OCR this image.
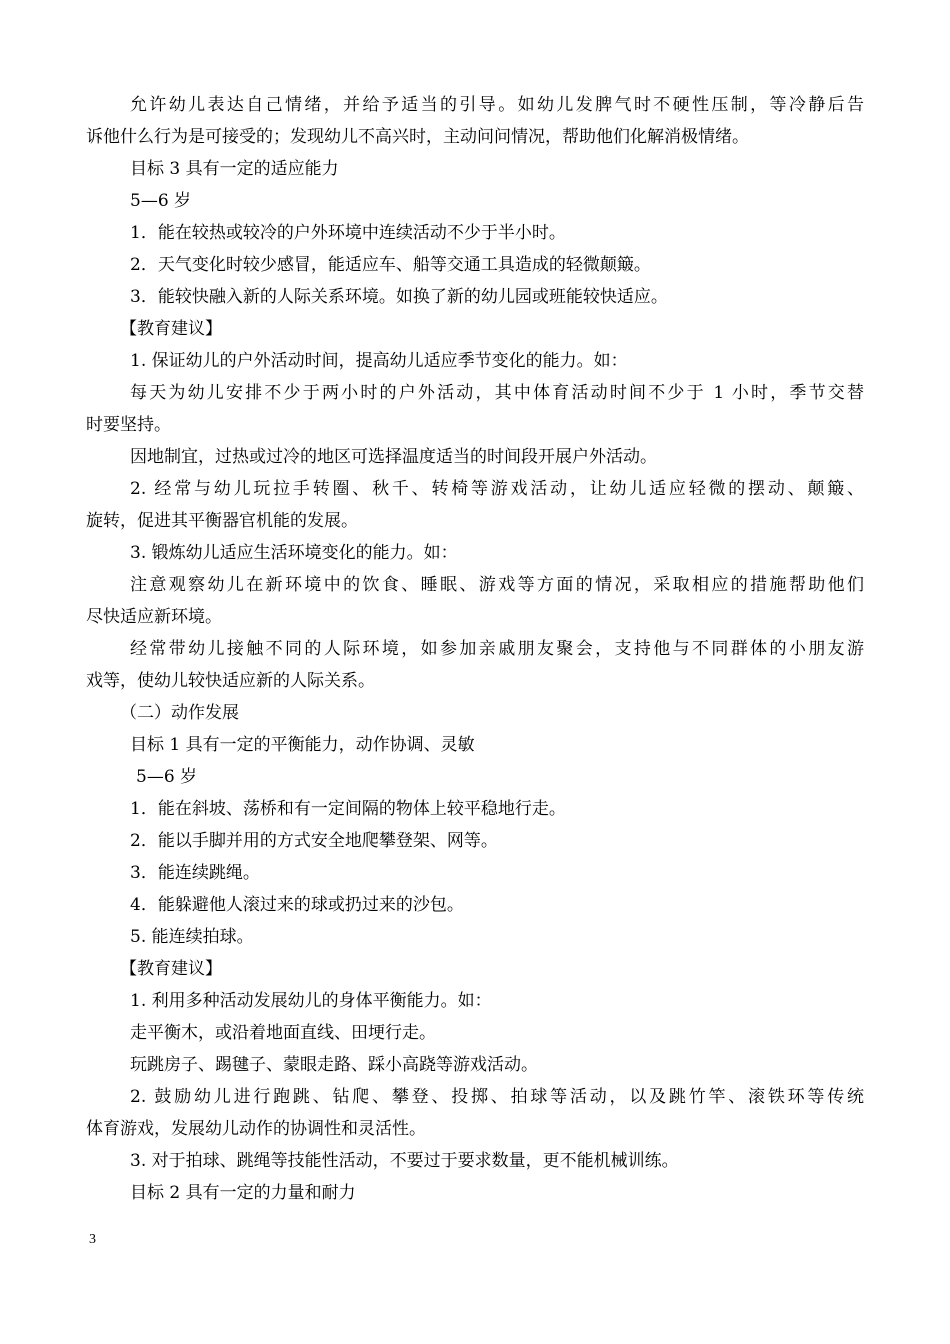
允许幼儿表达自己情绪，并给予适当的引导。如幼儿发脾气时不硬性压制，等冷静后告
诉他什么行为是可接受的；发现幼儿不高兴时，主动问问情况，帮助他们化解消极情绪。
目标 3 具有一定的适应能力
5—6 岁
1．能在较热或较冷的户外环境中连续活动不少于半小时。
2．天气变化时较少感冒，能适应车、船等交通工具造成的轻微颠簸。
3．能较快融入新的人际关系环境。如换了新的幼儿园或班能较快适应。
【教育建议】
1. 保证幼儿的户外活动时间，提高幼儿适应季节变化的能力。如：
每天为幼儿安排不少于两小时的户外活动，其中体育活动时间不少于 1 小时，季节交替
时要坚持。
因地制宜，过热或过冷的地区可选择温度适当的时间段开展户外活动。
2. 经常与幼儿玩拉手转圈、秋千、转椅等游戏活动，让幼儿适应轻微的摆动、颠簸、
旋转，促进其平衡器官机能的发展。
3. 锻炼幼儿适应生活环境变化的能力。如：
注意观察幼儿在新环境中的饮食、睡眠、游戏等方面的情况，采取相应的措施帮助他们
尽快适应新环境。
经常带幼儿接触不同的人际环境，如参加亲戚朋友聚会，支持他与不同群体的小朋友游
戏等，使幼儿较快适应新的人际关系。
（二）动作发展
目标 1 具有一定的平衡能力，动作协调、灵敏
5—6 岁
1．能在斜坡、荡桥和有一定间隔的物体上较平稳地行走。
2．能以手脚并用的方式安全地爬攀登架、网等。
3．能连续跳绳。
4．能躲避他人滚过来的球或扔过来的沙包。
5. 能连续拍球。
【教育建议】
1. 利用多种活动发展幼儿的身体平衡能力。如：
走平衡木，或沿着地面直线、田埂行走。
玩跳房子、踢毽子、蒙眼走路、踩小高跷等游戏活动。
2. 鼓励幼儿进行跑跳、钻爬、攀登、投掷、拍球等活动，以及跳竹竿、滚铁环等传统
体育游戏，发展幼儿动作的协调性和灵活性。
3. 对于拍球、跳绳等技能性活动，不要过于要求数量，更不能机械训练。
目标 2 具有一定的力量和耐力
3
